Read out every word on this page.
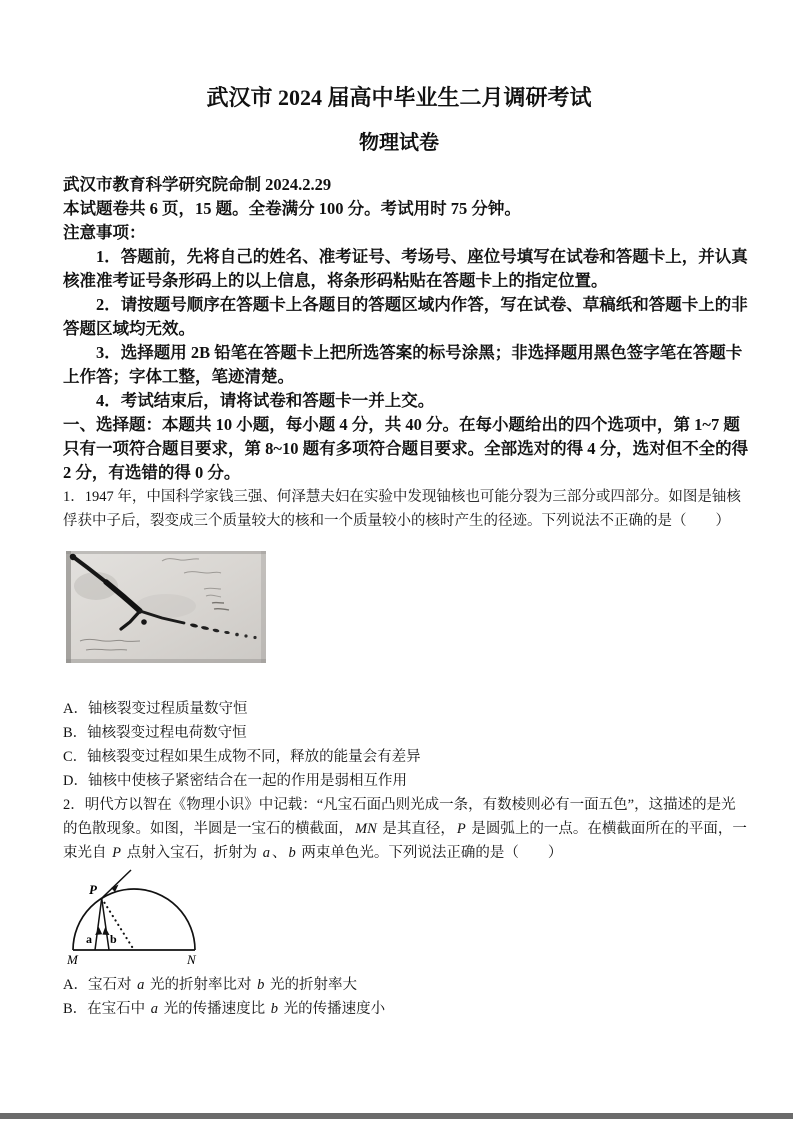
武汉市 2024 届高中毕业生二月调研考试
物理试卷
武汉市教育科学研究院命制 2024.2.29
本试题卷共 6 页，15 题。全卷满分 100 分。考试用时 75 分钟。
注意事项：
1．答题前，先将自己的姓名、准考证号、考场号、座位号填写在试卷和答题卡上，并认真
核准准考证号条形码上的以上信息，将条形码粘贴在答题卡上的指定位置。
2．请按题号顺序在答题卡上各题目的答题区域内作答，写在试卷、草稿纸和答题卡上的非
答题区域均无效。
3．选择题用 2B 铅笔在答题卡上把所选答案的标号涂黑；非选择题用黑色签字笔在答题卡
上作答；字体工整，笔迹清楚。
4．考试结束后，请将试卷和答题卡一并上交。
一、选择题：本题共 10 小题，每小题 4 分，共 40 分。在每小题给出的四个选项中，第 1~7 题
只有一项符合题目要求，第 8~10 题有多项符合题目要求。全部选对的得 4 分，选对但不全的得
2 分，有选错的得 0 分。
1．1947 年，中国科学家钱三强、何泽慧夫妇在实验中发现铀核也可能分裂为三部分或四部分。如图是铀核
俘获中子后，裂变成三个质量较大的核和一个质量较小的核时产生的径迹。下列说法不正确的是（　　）
A．铀核裂变过程质量数守恒
B．铀核裂变过程电荷数守恒
C．铀核裂变过程如果生成物不同，释放的能量会有差异
D．铀核中使核子紧密结合在一起的作用是弱相互作用
2．明代方以智在《物理小识》中记载：“凡宝石面凸则光成一条，有数棱则必有一面五色”，这描述的是光
的色散现象。如图，半圆是一宝石的横截面， MN 是其直径， P 是圆弧上的一点。在横截面所在的平面，一
束光自 P 点射入宝石，折射为 a 、 b 两束单色光。下列说法正确的是（　　）
P
a b
M	N
A．宝石对 a 光的折射率比对 b 光的折射率大
B．在宝石中 a 光的传播速度比 b 光的传播速度小
